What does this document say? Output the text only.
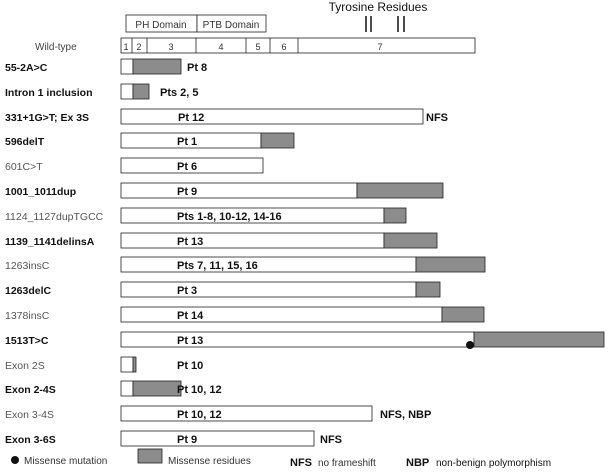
Tyrosine Residues
PH Domain PTB Domain
Wild-type	1 2	3	4	5 6	7
55-2A>C	Pt 8
Intron 1 inclusion	Pts 2, 5
331+1G>T; Ex 3S	Pt 12	NFS
596delT	Pt 1
601C>T	Pt 6
1001_1011dup	Pt 9
1124_1127dupTGCC	Pts 1-8, 10-12, 14-16
1139_1141delinsA	Pt 13
1263insC	Pts 7, 11, 15, 16
1263delC	Pt 3
1378insC	Pt 14
1513T>C	Pt 13
Exon 2S	Pt 10
Exon 2-4S	Pt 10, 12
Exon 3-4S	Pt 10, 12	NFS, NBP
Exon 3-6S	Pt 9	NFS
Missense mutation	Missense residues	NFS no frameshift	NBP non-benign polymorphism
